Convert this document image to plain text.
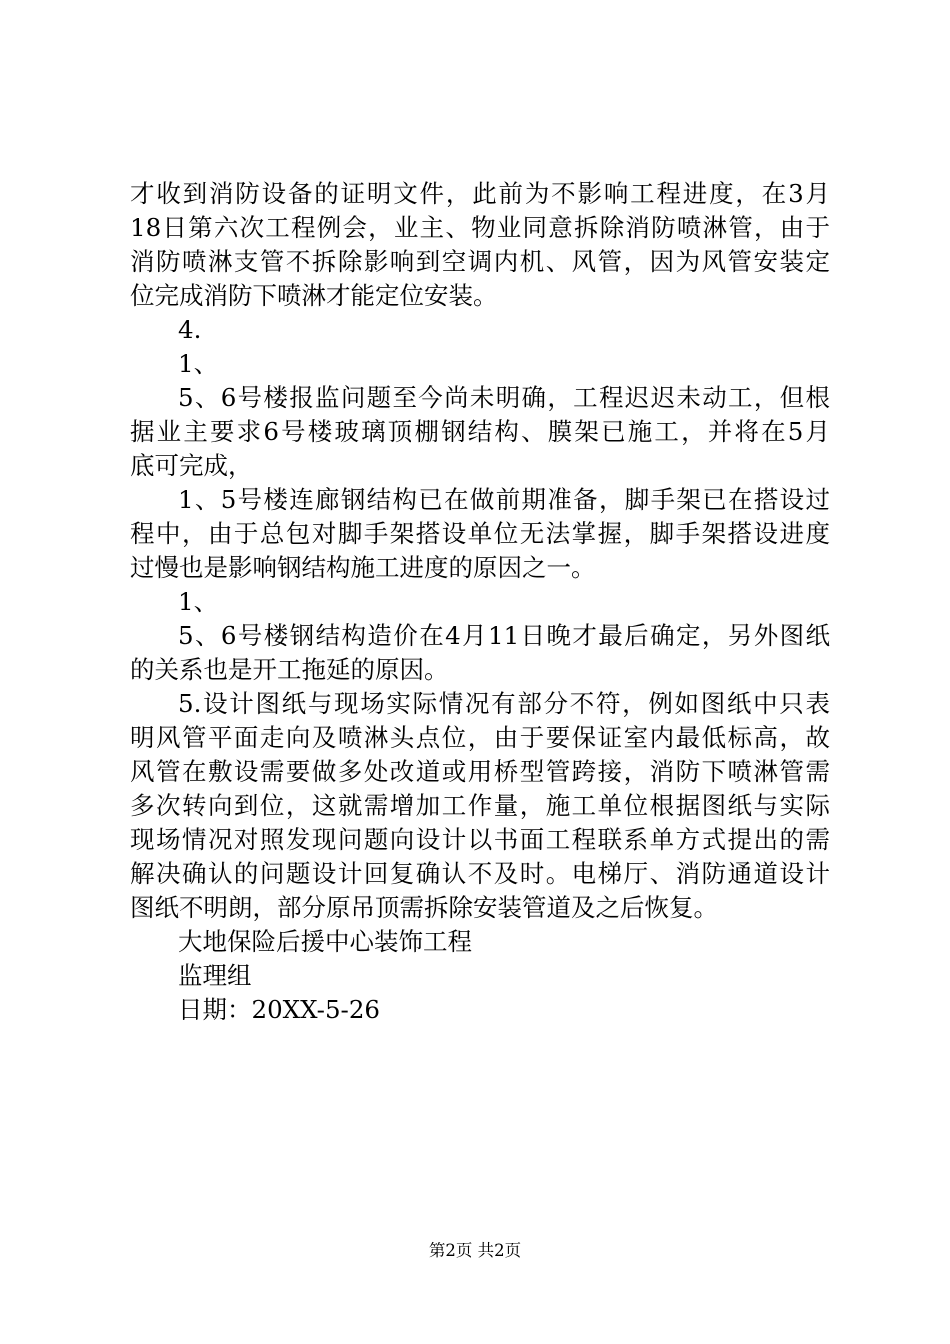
才收到消防设备的证明文件，此前为不影响工程进度，在3月
18日第六次工程例会，业主、物业同意拆除消防喷淋管，由于
消防喷淋支管不拆除影响到空调内机、风管，因为风管安装定
位完成消防下喷淋才能定位安装。
4.
1、
5、6号楼报监问题至今尚未明确，工程迟迟未动工，但根
据业主要求6号楼玻璃顶棚钢结构、膜架已施工，并将在5月
底可完成，
1、5号楼连廊钢结构已在做前期准备，脚手架已在搭设过
程中，由于总包对脚手架搭设单位无法掌握，脚手架搭设进度
过慢也是影响钢结构施工进度的原因之一。
1、
5、6号楼钢结构造价在4月11日晚才最后确定，另外图纸
的关系也是开工拖延的原因。
5.设计图纸与现场实际情况有部分不符，例如图纸中只表
明风管平面走向及喷淋头点位，由于要保证室内最低标高，故
风管在敷设需要做多处改道或用桥型管跨接，消防下喷淋管需
多次转向到位，这就需增加工作量，施工单位根据图纸与实际
现场情况对照发现问题向设计以书面工程联系单方式提出的需
解决确认的问题设计回复确认不及时。电梯厅、消防通道设计
图纸不明朗，部分原吊顶需拆除安装管道及之后恢复。
大地保险后援中心装饰工程
监理组
日期：20XX-5-26
第2页 共2页
